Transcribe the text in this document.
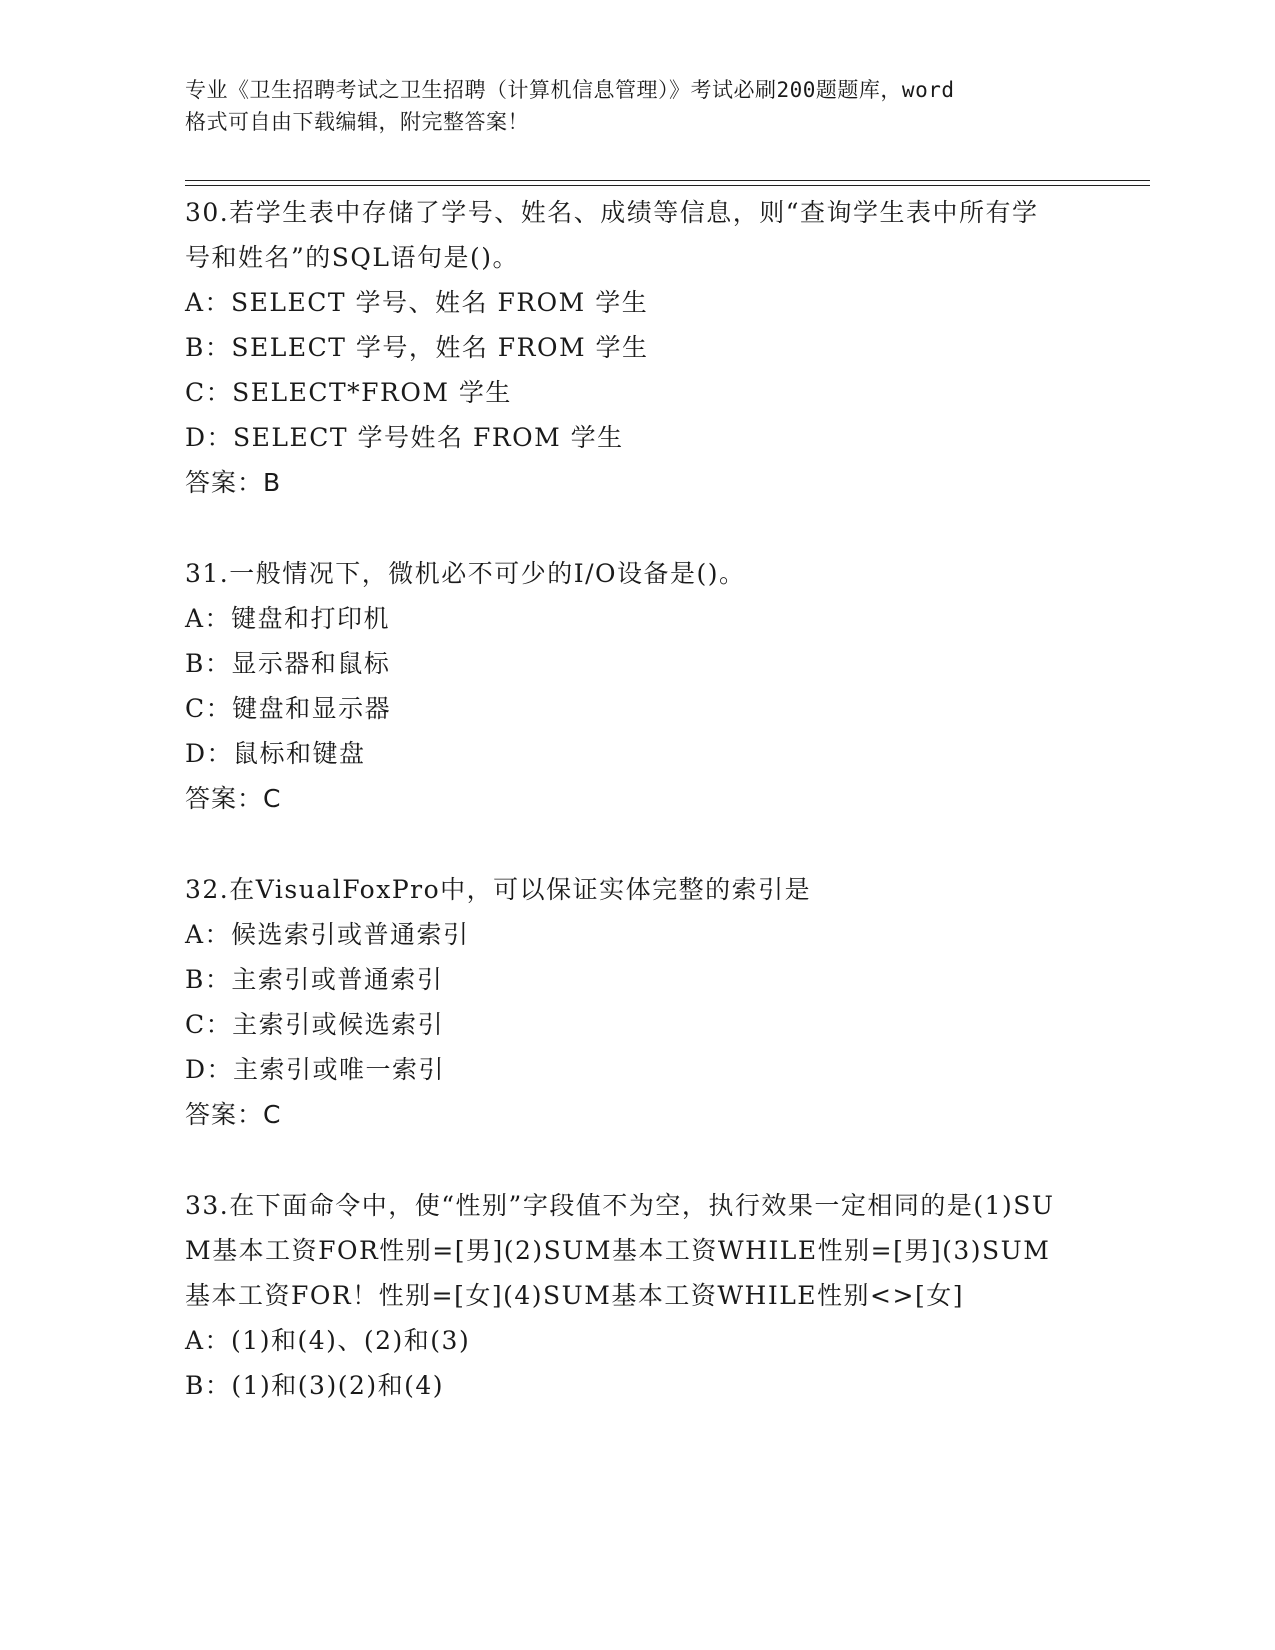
专业《卫生招聘考试之卫生招聘（计算机信息管理）》考试必刷200题题库，word
格式可自由下载编辑，附完整答案！
30.若学生表中存储了学号、姓名、成绩等信息，则“查询学生表中所有学号和姓名”的SQL语句是()。
A：SELECT 学号、姓名 FROM 学生
B：SELECT 学号，姓名 FROM 学生
C：SELECT*FROM 学生
D：SELECT 学号姓名 FROM 学生
答案：B
31.一般情况下，微机必不可少的I/O设备是()。
A：键盘和打印机
B：显示器和鼠标
C：键盘和显示器
D：鼠标和键盘
答案：C
32.在VisualFoxPro中，可以保证实体完整的索引是
A：候选索引或普通索引
B：主索引或普通索引
C：主索引或候选索引
D：主索引或唯一索引
答案：C
33.在下面命令中，使“性别”字段值不为空，执行效果一定相同的是(1)SUM基本工资FOR性别=[男](2)SUM基本工资WHILE性别=[男](3)SUM基本工资FOR！性别=[女](4)SUM基本工资WHILE性别<>[女]
A：(1)和(4)、(2)和(3)
B：(1)和(3)(2)和(4)
